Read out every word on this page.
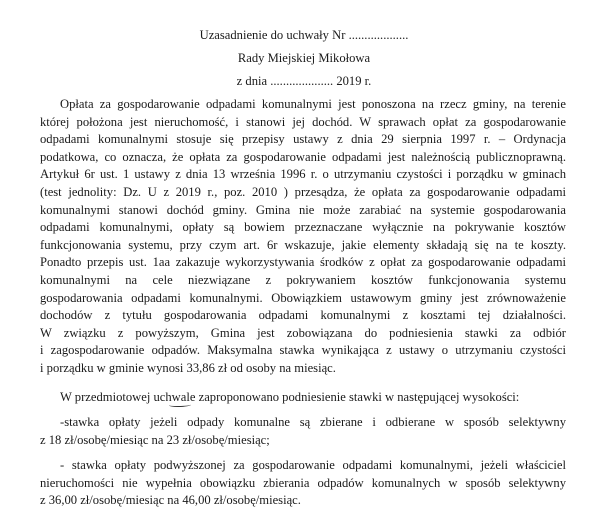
Uzasadnienie do uchwały Nr ...................
Rady Miejskiej Mikołowa
z dnia .................... 2019 r.
Opłata za gospodarowanie odpadami komunalnymi jest ponoszona na rzecz gminy, na terenie
której położona jest nieruchomość, i stanowi jej dochód. W sprawach opłat za gospodarowanie
odpadami komunalnymi stosuje się przepisy ustawy z dnia 29 sierpnia 1997 r. – Ordynacja
podatkowa, co oznacza, że opłata za gospodarowanie odpadami jest należnością publicznoprawną.
Artykuł 6r ust. 1 ustawy z dnia 13 września 1996 r. o utrzymaniu czystości i porządku w gminach
(test jednolity: Dz. U z 2019 r., poz. 2010 ) przesądza, że opłata za gospodarowanie odpadami
komunalnymi stanowi dochód gminy. Gmina nie może zarabiać na systemie gospodarowania
odpadami komunalnymi, opłaty są bowiem przeznaczane wyłącznie na pokrywanie kosztów
funkcjonowania systemu, przy czym art. 6r wskazuje, jakie elementy składają się na te koszty.
Ponadto przepis ust. 1aa zakazuje wykorzystywania środków z opłat za gospodarowanie odpadami
komunalnymi na cele niezwiązane z pokrywaniem kosztów funkcjonowania systemu
gospodarowania odpadami komunalnymi. Obowiązkiem ustawowym gminy jest zrównoważenie
dochodów z tytułu gospodarowania odpadami komunalnymi z kosztami tej działalności.
W związku z powyższym, Gmina jest zobowiązana do podniesienia stawki za odbiór
i zagospodarowanie odpadów. Maksymalna stawka wynikająca z ustawy o utrzymaniu czystości
i porządku w gminie wynosi 33,86 zł od osoby na miesiąc.
W przedmiotowej uchwale zaproponowano podniesienie stawki w następującej wysokości:
-stawka opłaty jeżeli odpady komunalne są zbierane i odbierane w sposób selektywny
z 18 zł/osobę/miesiąc na 23 zł/osobę/miesiąc;
- stawka opłaty podwyższonej za gospodarowanie odpadami komunalnymi, jeżeli właściciel
nieruchomości nie wypełnia obowiązku zbierania odpadów komunalnych w sposób selektywny
z 36,00 zł/osobę/miesiąc na 46,00 zł/osobę/miesiąc.
